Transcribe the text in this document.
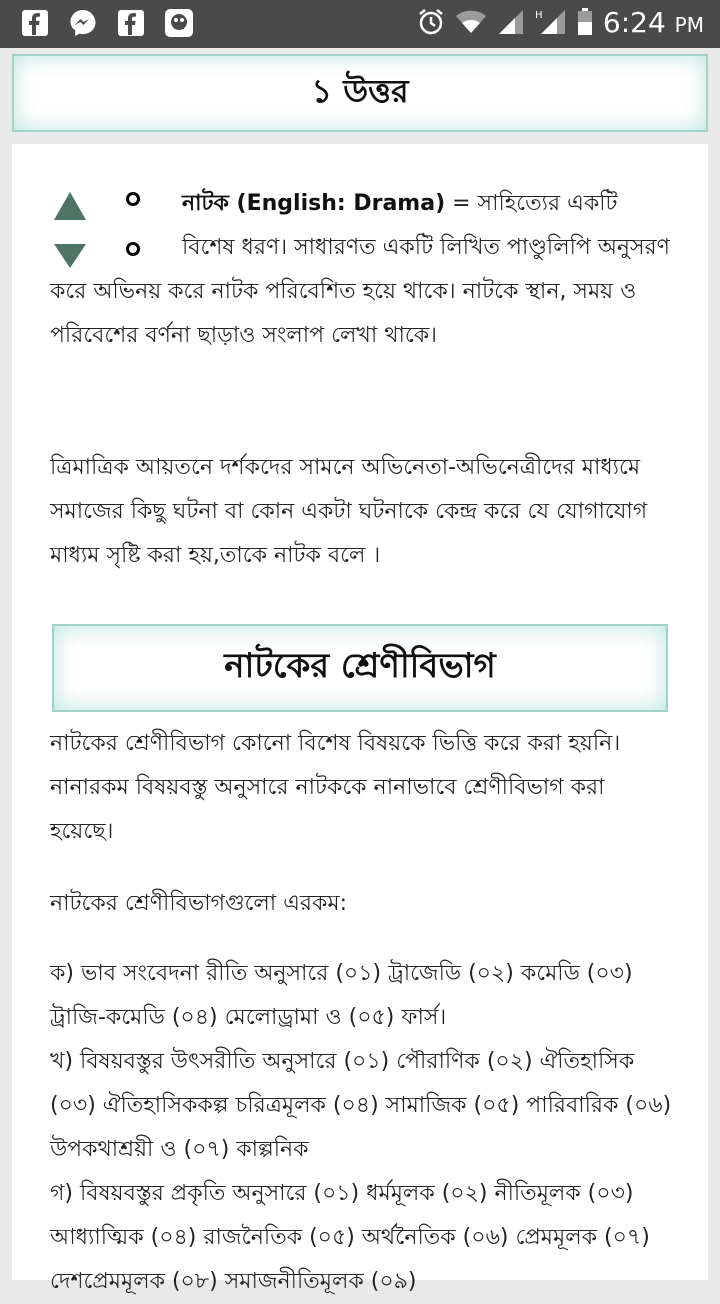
H 6:24 PM
১ উত্তর
নাটক (English: Drama) = সাহিত্যের একটি
বিশেষ ধরণ। সাধারণত একটি লিখিত পাণ্ডুলিপি অনুসরণ করে অভিনয় করে নাটক পরিবেশিত হয়ে থাকে। নাটকে স্থান, সময় ও পরিবেশের বর্ণনা ছাড়াও সংলাপ লেখা থাকে।
ত্রিমাত্রিক আয়তনে দর্শকদের সামনে অভিনেতা-অভিনেত্রীদের মাধ্যমে সমাজের কিছু ঘটনা বা কোন একটা ঘটনাকে কেন্দ্র করে যে যোগাযোগ মাধ্যম সৃষ্টি করা হয়,তাকে নাটক বলে ।
নাটকের শ্রেণীবিভাগ
নাটকের শ্রেণীবিভাগ কোনো বিশেষ বিষয়কে ভিত্তি করে করা হয়নি। নানারকম বিষয়বস্তু অনুসারে নাটককে নানাভাবে শ্রেণীবিভাগ করা হয়েছে।
নাটকের শ্রেণীবিভাগগুলো এরকম:
ক) ভাব সংবেদনা রীতি অনুসারে (০১) ট্রাজেডি (০২) কমেডি (০৩) ট্রাজি-কমেডি (০৪) মেলোড্রামা ও (০৫) ফার্স।
খ) বিষয়বস্তুর উৎসরীতি অনুসারে (০১) পৌরাণিক (০২) ঐতিহাসিক (০৩) ঐতিহাসিককল্প চরিত্রমূলক (০৪) সামাজিক (০৫) পারিবারিক (০৬) উপকথাশ্রয়ী ও (০৭) কাল্পনিক
গ) বিষয়বস্তুর প্রকৃতি অনুসারে (০১) ধর্মমূলক (০২) নীতিমূলক (০৩) আধ্যাত্মিক (০৪) রাজনৈতিক (০৫) অর্থনৈতিক (০৬) প্রেমমূলক (০৭) দেশপ্রেমমূলক (০৮) সমাজনীতিমূলক (০৯)
